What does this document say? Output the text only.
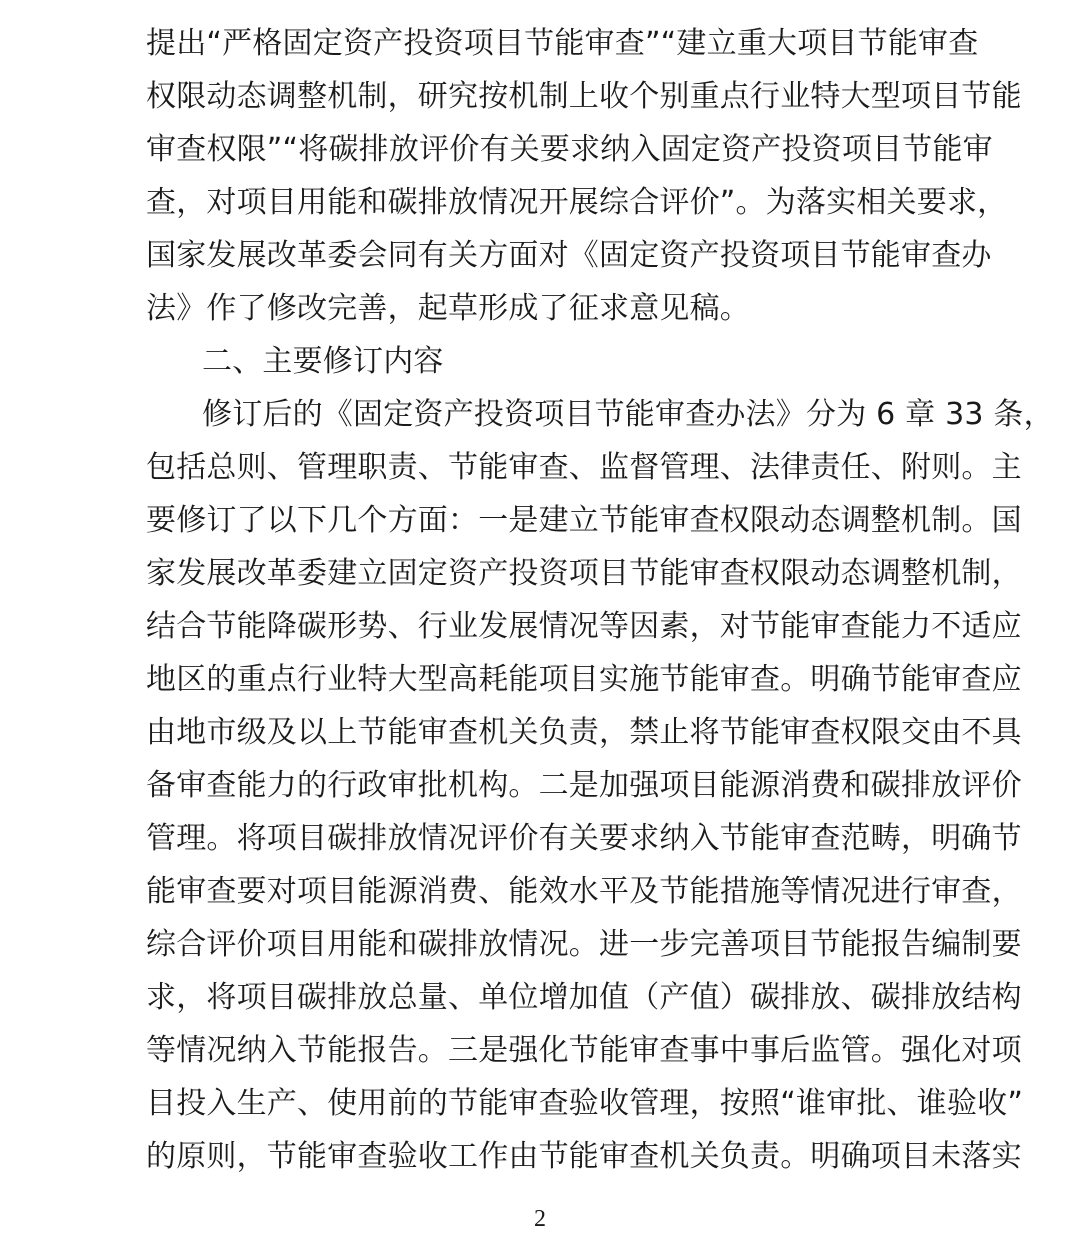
提出“严格固定资产投资项目节能审查”“建立重大项目节能审查
权限动态调整机制，研究按机制上收个别重点行业特大型项目节能
审查权限”“将碳排放评价有关要求纳入固定资产投资项目节能审
查，对项目用能和碳排放情况开展综合评价”。为落实相关要求，
国家发展改革委会同有关方面对《固定资产投资项目节能审查办
法》作了修改完善，起草形成了征求意见稿。
二、主要修订内容
修订后的《固定资产投资项目节能审查办法》分为 6 章 33 条，
包括总则、管理职责、节能审查、监督管理、法律责任、附则。主
要修订了以下几个方面：一是建立节能审查权限动态调整机制。国
家发展改革委建立固定资产投资项目节能审查权限动态调整机制，
结合节能降碳形势、行业发展情况等因素，对节能审查能力不适应
地区的重点行业特大型高耗能项目实施节能审查。明确节能审查应
由地市级及以上节能审查机关负责，禁止将节能审查权限交由不具
备审查能力的行政审批机构。二是加强项目能源消费和碳排放评价
管理。将项目碳排放情况评价有关要求纳入节能审查范畴，明确节
能审查要对项目能源消费、能效水平及节能措施等情况进行审查，
综合评价项目用能和碳排放情况。进一步完善项目节能报告编制要
求，将项目碳排放总量、单位增加值（产值）碳排放、碳排放结构
等情况纳入节能报告。三是强化节能审查事中事后监管。强化对项
目投入生产、使用前的节能审查验收管理，按照“谁审批、谁验收”
的原则，节能审查验收工作由节能审查机关负责。明确项目未落实
2
